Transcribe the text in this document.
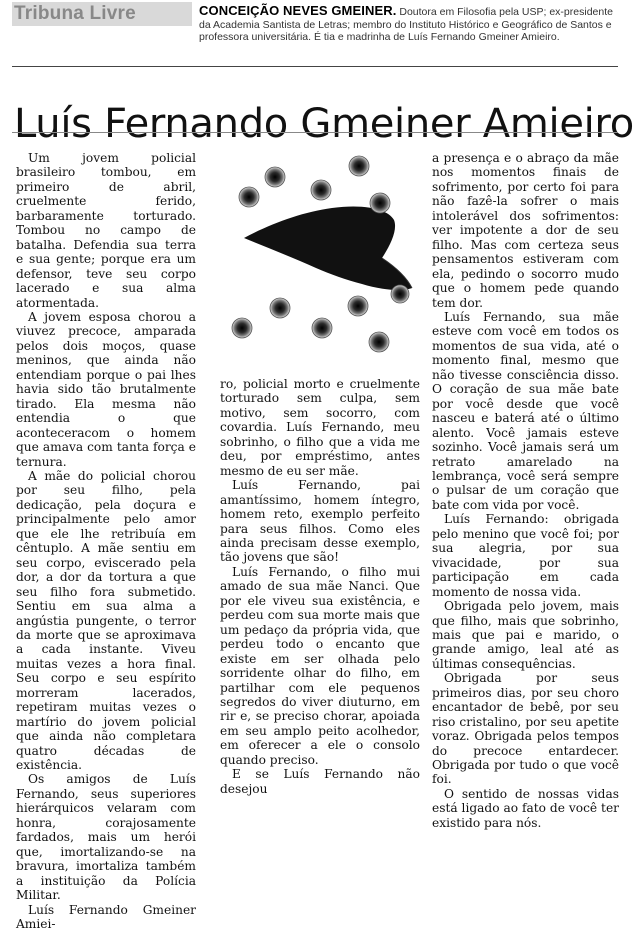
Tribuna Livre	CONCEIÇÃO NEVES GMEINER. Doutora em Filosofia pela USP; ex-presidente da Academia Santista de Letras; membro do Instituto Histórico e Geográfico de Santos e professora universitária. É tia e madrinha de Luís Fernando Gmeiner Amieiro.
Luís Fernando Gmeiner Amieiro

Um jovem policial brasileiro tombou, em primeiro de abril, cruelmente ferido, barbaramente torturado. Tombou no campo de batalha. Defendia sua terra e sua gente; porque era um defensor, teve seu corpo lacerado e sua alma atormentada.

A jovem esposa chorou a viuvez precoce, amparada pelos dois moços, quase meninos, que ainda não entendiam porque o pai lhes havia sido tão brutalmente tirado. Ela mesma não entendia o que aconteceracom o homem que amava com tanta força e ternura.

A mãe do policial chorou por seu filho, pela dedicação, pela doçura e principalmente pelo amor que ele lhe retribuía em cêntuplo. A mãe sentiu em seu corpo, eviscerado pela dor, a dor da tortura a que seu filho fora submetido. Sentiu em sua alma a angústia pungente, o terror da morte que se aproximava a cada instante. Viveu muitas vezes a hora final. Seu corpo e seu espírito morreram lacerados, repetiram muitas vezes o martírio do jovem policial que ainda não completara quatro décadas de existência.

Os amigos de Luís Fernando, seus superiores hierárquicos velaram com honra, corajosamente fardados, mais um herói que, imortalizando-se na bravura, imortaliza também a instituição da Polícia Militar.

Luís Fernando Gmeiner Amiei-

ro, policial morto e cruelmente torturado sem culpa, sem motivo, sem socorro, com covardia. Luís Fernando, meu sobrinho, o filho que a vida me deu, por empréstimo, antes mesmo de eu ser mãe.

Luís Fernando, pai amantíssimo, homem íntegro, homem reto, exemplo perfeito para seus filhos. Como eles ainda precisam desse exemplo, tão jovens que são!

Luís Fernando, o filho mui amado de sua mãe Nanci. Que por ele viveu sua existência, e perdeu com sua morte mais que um pedaço da própria vida, que perdeu todo o encanto que existe em ser olhada pelo sorridente olhar do filho, em partilhar com ele pequenos segredos do viver diuturno, em rir e, se preciso chorar, apoiada em seu amplo peito acolhedor, em oferecer a ele o consolo quando preciso.

E se Luís Fernando não desejou

a presença e o abraço da mãe nos momentos finais de sofrimento, por certo foi para não fazê-la sofrer o mais intolerável dos sofrimentos: ver impotente a dor de seu filho. Mas com certeza seus pensamentos estiveram com ela, pedindo o socorro mudo que o homem pede quando tem dor.

Luís Fernando, sua mãe esteve com você em todos os momentos de sua vida, até o momento final, mesmo que não tivesse consciência disso. O coração de sua mãe bate por você desde que você nasceu e baterá até o último alento. Você jamais esteve sozinho. Você jamais será um retrato amarelado na lembrança, você será sempre o pulsar de um coração que bate com vida por você.

Luís Fernando: obrigada pelo menino que você foi; por sua alegria, por sua vivacidade, por sua participação em cada momento de nossa vida.

Obrigada pelo jovem, mais que filho, mais que sobrinho, mais que pai e marido, o grande amigo, leal até as últimas consequências.

Obrigada por seus primeiros dias, por seu choro encantador de bebê, por seu riso cristalino, por seu apetite voraz. Obrigada pelos tempos do precoce entardecer. Obrigada por tudo o que você foi.

O sentido de nossas vidas está ligado ao fato de você ter existido para nós.
